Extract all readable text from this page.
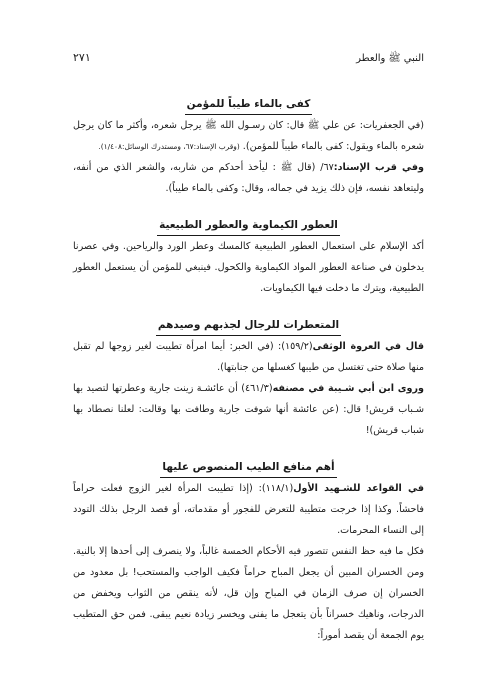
النبي ﷺ والعطر
٢٧١
كفى بالماء طيباً للمؤمن

(في الجعفريات: عن علي ﷺ قال: كان رسـول الله ﷺ يرجل شعره، وأكثر ما كان يرجل شعره بالماء ويقول: كفى بالماء طيباً للمؤمن). (وقرب الإسناد:٦٧، ومستدرك الوسائل:١/٤٠٨).

وفي قرب الإسناد:٦٧/ (قال ﷺ : ليأخذ أحدكم من شاربه، والشعر الذي من أنفه، وليتعاهد نفسه، فإن ذلك يزيد في جماله، وقال: وكفى بالماء طيباً).

العطور الكيماوية والعطور الطبيعية

أكد الإسلام على استعمال العطور الطبيعية كالمسك وعطر الورد والرياحين. وفي عصرنا يدخلون في صناعة العطور المواد الكيماوية والكحول. فينبغي للمؤمن أن يستعمل العطور الطبيعية، ويترك ما دخلت فيها الكيماويات.

المتعطرات للرجال لجذبهم وصيدهم

قال في العروة الوثقى(١٥٩/٢): (في الخبر: أيما امرأة تطيبت لغير زوجها لم تقبل منها صلاة حتى تغتسل من طيبها كغسلها من جنابتها).

وروى ابن أبي شـيبة في مصنفه(٤٦١/٣) أن عائشـة زينت جارية وعطرتها لتصيد بها شـباب قريش! قال: (عن عائشة أنها شوفت جارية وطافت بها وقالت: لعلنا نصطاد بها شباب قريش)!

أهم منافع الطيب المنصوص عليها

في القواعد للشـهيد الأول(١١٨/١): (إذا تطيبت المرأة لغير الزوج فعلت حراماً فاحشاً. وكذا إذا خرجت متطيبة للتعرض للفجور أو مقدماته، أو قصد الرجل بذلك التودد إلى النساء المحرمات.

فكل ما فيه حظ النفس تتصور فيه الأحكام الخمسة غالباً، ولا ينصرف إلى أحدها إلا بالنية. ومن الخسران المبين أن يجعل المباح حراماً فكيف الواجب والمستحب! بل معدود من الخسران إن صرف الزمان في المباح وإن قل، لأنه ينقص من الثواب ويخفض من الدرجات، وناهيك خسراناً بأن يتعجل ما يفنى ويخسر زيادة نعيم يبقى. فمن حق المتطيب يوم الجمعة أن يقصد أموراً:
